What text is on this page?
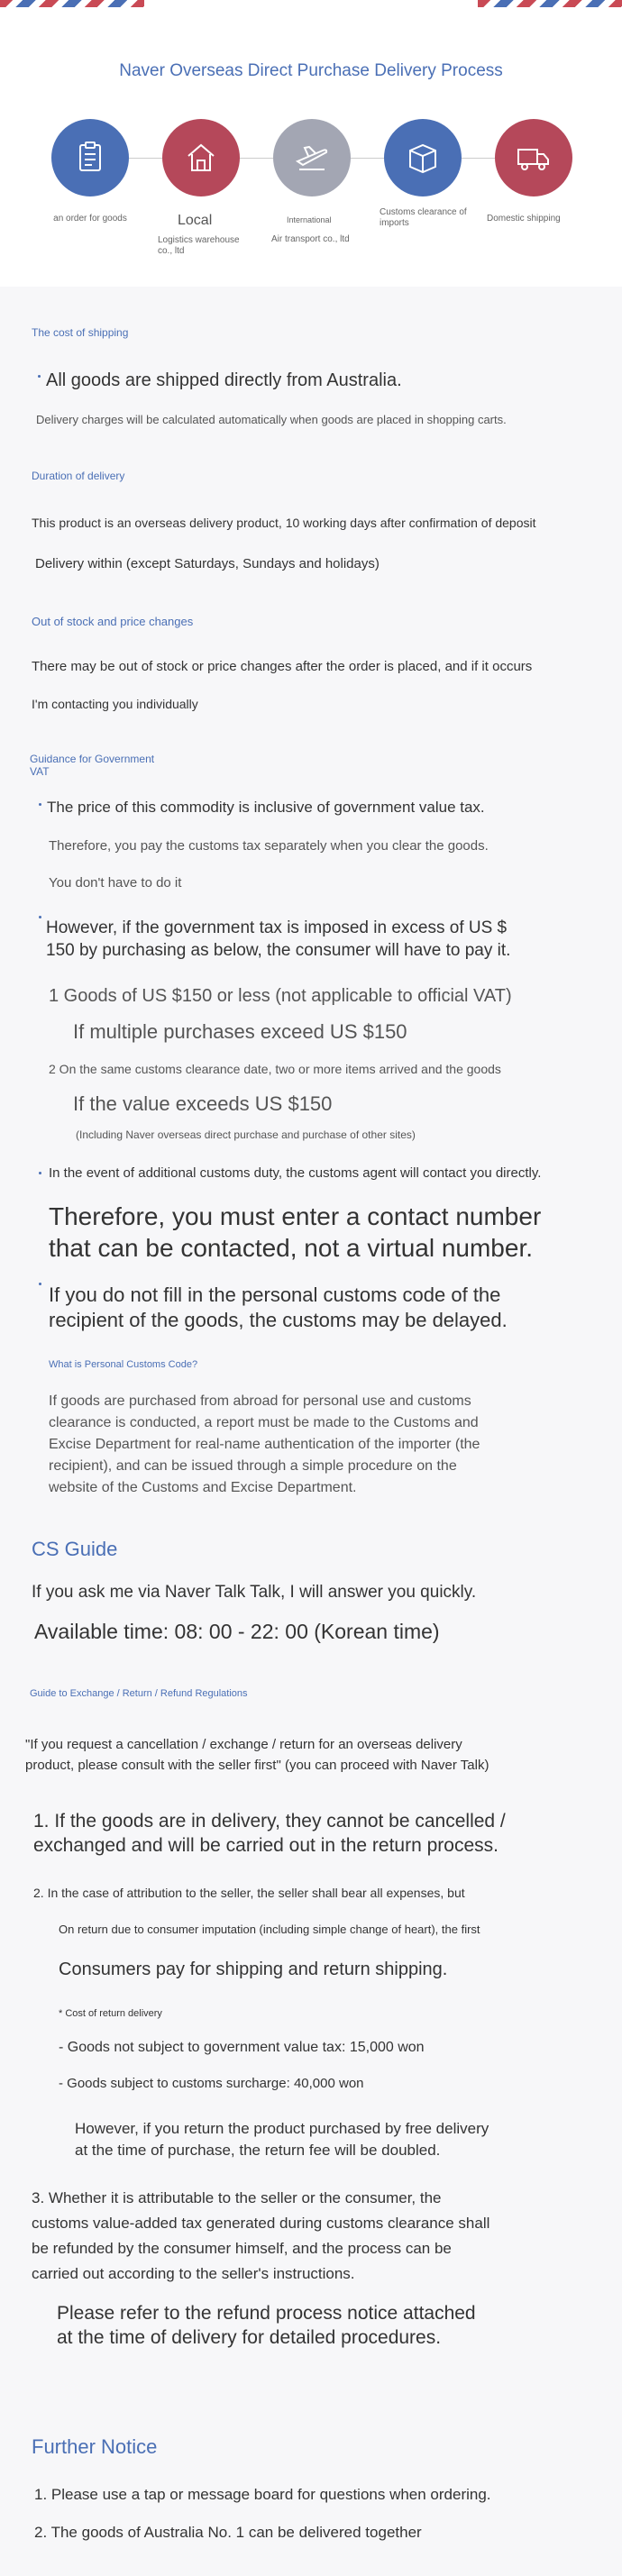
Naver Overseas Direct Purchase Delivery Process
an order for goods	Local
Logistics warehouse co., ltd
International
Air transport co., ltd
Customs clearance of imports	Domestic shipping
The cost of shipping
All goods are shipped directly from Australia.
Delivery charges will be calculated automatically when goods are placed in shopping carts.
Duration of delivery
This product is an overseas delivery product, 10 working days after confirmation of deposit
Delivery within (except Saturdays, Sundays and holidays)
Out of stock and price changes
There may be out of stock or price changes after the order is placed, and if it occurs
I'm contacting you individually
Guidance for Government VAT
The price of this commodity is inclusive of government value tax.
Therefore, you pay the customs tax separately when you clear the goods.
You don't have to do it
However, if the government tax is imposed in excess of US $
150 by purchasing as below, the consumer will have to pay it.
1 Goods of US $150 or less (not applicable to official VAT)
If multiple purchases exceed US $150
2 On the same customs clearance date, two or more items arrived and the goods
If the value exceeds US $150
(Including Naver overseas direct purchase and purchase of other sites)
In the event of additional customs duty, the customs agent will contact you directly.
Therefore, you must enter a contact number
that can be contacted, not a virtual number.
If you do not fill in the personal customs code of the
recipient of the goods, the customs may be delayed.
What is Personal Customs Code?
If goods are purchased from abroad for personal use and customs
clearance is conducted, a report must be made to the Customs and
Excise Department for real-name authentication of the importer (the
recipient), and can be issued through a simple procedure on the
website of the Customs and Excise Department.
CS Guide
If you ask me via Naver Talk Talk, I will answer you quickly.
Available time: 08: 00 - 22: 00 (Korean time)
Guide to Exchange / Return / Refund Regulations
"If you request a cancellation / exchange / return for an overseas delivery
product, please consult with the seller first" (you can proceed with Naver Talk)
1. If the goods are in delivery, they cannot be cancelled /
exchanged and will be carried out in the return process.
2. In the case of attribution to the seller, the seller shall bear all expenses, but
On return due to consumer imputation (including simple change of heart), the first
Consumers pay for shipping and return shipping.
* Cost of return delivery
- Goods not subject to government value tax: 15,000 won
- Goods subject to customs surcharge: 40,000 won
However, if you return the product purchased by free delivery
at the time of purchase, the return fee will be doubled.
3. Whether it is attributable to the seller or the consumer, the
customs value-added tax generated during customs clearance shall
be refunded by the consumer himself, and the process can be
carried out according to the seller's instructions.
Please refer to the refund process notice attached
at the time of delivery for detailed procedures.
Further Notice
1. Please use a tap or message board for questions when ordering.
2. The goods of Australia No. 1 can be delivered together
